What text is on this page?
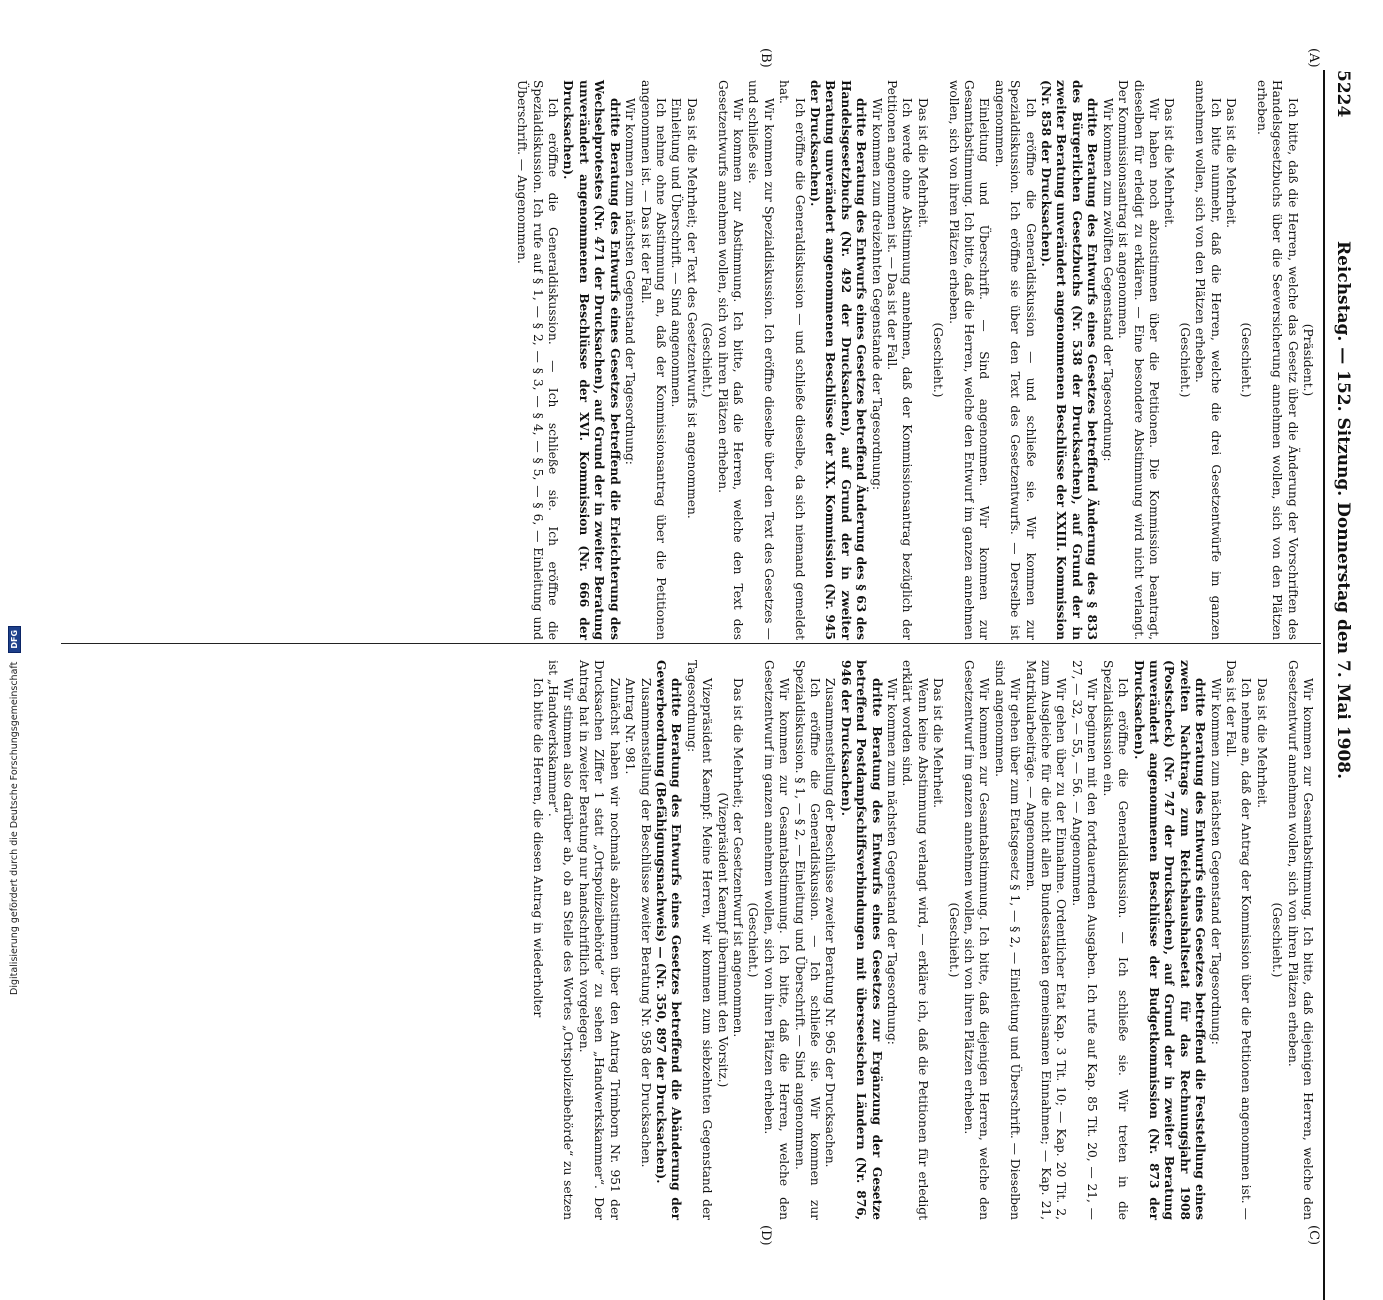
5224
Reichstag. — 152. Sitzung. Donnerstag den 7. Mai 1908.
(A)
(B)
(C)
(D)

(Präsident.)

Ich bitte, daß die Herren, welche das Gesetz über die Änderung der Vorschriften des Handelsgesetzbuchs über die Seeversicherung annehmen wollen, sich von den Plätzen erheben.

(Geschieht.)

Das ist die Mehrheit.

Ich bitte nunmehr, daß die Herren, welche die drei Gesetzentwürfe im ganzen annehmen wollen, sich von den Plätzen erheben.

(Geschieht.)

Das ist die Mehrheit.

Wir haben noch abzustimmen über die Petitionen. Die Kommission beantragt, dieselben für erledigt zu erklären. — Eine besondere Abstimmung wird nicht verlangt. Der Kommissionsantrag ist angenommen.

Wir kommen zum zwölften Gegenstand der Tagesordnung:

dritte Beratung des Entwurfs eines Gesetzes betreffend Änderung des § 833 des Bürgerlichen Gesetzbuchs (Nr. 538 der Drucksachen), auf Grund der in zweiter Beratung unverändert angenommenen Beschlüsse der XXIII. Kommission (Nr. 858 der Drucksachen).

Ich eröffne die Generaldiskussion — und schließe sie. Wir kommen zur Spezialdiskussion. Ich eröffne sie über den Text des Gesetzentwurfs. — Derselbe ist angenommen.

Einleitung und Überschrift. — Sind angenommen. Wir kommen zur Gesamtabstimmung. Ich bitte, daß die Herren, welche den Entwurf im ganzen annehmen wollen, sich von ihren Plätzen erheben.

(Geschieht.)

Das ist die Mehrheit.

Ich werde ohne Abstimmung annehmen, daß der Kommissionsantrag bezüglich der Petitionen angenommen ist. — Das ist der Fall.

Wir kommen zum dreizehnten Gegenstande der Tagesordnung:

dritte Beratung des Entwurfs eines Gesetzes betreffend Änderung des § 63 des Handelsgesetzbuchs (Nr. 492 der Drucksachen), auf Grund der in zweiter Beratung unverändert angenommenen Beschlüsse der XIX. Kommission (Nr. 945 der Drucksachen).

Ich eröffne die Generaldiskussion — und schließe dieselbe, da sich niemand gemeldet hat.

Wir kommen zur Spezialdiskussion. Ich eröffne dieselbe über den Text des Gesetzes — und schließe sie.

Wir kommen zur Abstimmung. Ich bitte, daß die Herren, welche den Text des Gesetzentwurfs annehmen wollen, sich von ihren Plätzen erheben.

(Geschieht.)

Das ist die Mehrheit; der Text des Gesetzentwurfs ist angenommen.

Einleitung und Überschrift. — Sind angenommen.

Ich nehme ohne Abstimmung an, daß der Kommissionsantrag über die Petitionen angenommen ist. — Das ist der Fall.

Wir kommen zum nächsten Gegenstand der Tagesordnung:

dritte Beratung des Entwurfs eines Gesetzes betreffend die Erleichterung des Wechselprotestes (Nr. 471 der Drucksachen), auf Grund der in zweiter Beratung unverändert angenommenen Beschlüsse der XVI. Kommission (Nr. 666 der Drucksachen).

Ich eröffne die Generaldiskussion. — Ich schließe sie. Ich eröffne die Spezialdiskussion. Ich rufe auf § 1, — § 2, — § 3, — § 4, — § 5, — § 6, — Einleitung und Überschrift. — Angenommen.

Wir kommen zur Gesamtabstimmung. Ich bitte, daß diejenigen Herren, welche den Gesetzentwurf annehmen wollen, sich von ihren Plätzen erheben.

(Geschieht.)

Das ist die Mehrheit.

Ich nehme an, daß der Antrag der Kommission über die Petitionen angenommen ist. — Das ist der Fall.

Wir kommen zum nächsten Gegenstand der Tagesordnung:

dritte Beratung des Entwurfs eines Gesetzes betreffend die Feststellung eines zweiten Nachtrags zum Reichshaushaltsetat für das Rechnungsjahr 1908 (Postscheck) (Nr. 747 der Drucksachen), auf Grund der in zweiter Beratung unverändert angenommenen Beschlüsse der Budgetkommission (Nr. 873 der Drucksachen).

Ich eröffne die Generaldiskussion. — Ich schließe sie. Wir treten in die Spezialdiskussion ein.

Wir beginnen mit den fortdauernden Ausgaben. Ich rufe auf Kap. 85 Tit. 20, — 21, — 27, — 32, — 55, — 56. — Angenommen.

Wir gehen über zu der Einnahme. Ordentlicher Etat Kap. 3 Tit. 10; — Kap. 20 Tit. 2, zum Ausgleiche für die nicht allen Bundesstaaten gemeinsamen Einnahmen; — Kap. 21, Matrikularbeiträge. — Angenommen.

Wir gehen über zum Etatsgesetz § 1, — § 2, — Einleitung und Überschrift. — Dieselben sind angenommen.

Wir kommen zur Gesamtabstimmung. Ich bitte, daß diejenigen Herren, welche den Gesetzentwurf im ganzen annehmen wollen, sich von ihren Plätzen erheben.

(Geschieht.)

Das ist die Mehrheit.

Wenn keine Abstimmung verlangt wird, — erkläre ich, daß die Petitionen für erledigt erklärt worden sind.

Wir kommen zum nächsten Gegenstand der Tagesordnung:

dritte Beratung des Entwurfs eines Gesetzes zur Ergänzung der Gesetze betreffend Postdampfschiffsverbindungen mit überseeischen Ländern (Nr. 876, 946 der Drucksachen).

Zusammenstellung der Beschlüsse zweiter Beratung Nr. 965 der Drucksachen.

Ich eröffne die Generaldiskussion. — Ich schließe sie. Wir kommen zur Spezialdiskussion. § 1, — § 2, — Einleitung und Überschrift. — Sind angenommen.

Wir kommen zur Gesamtabstimmung. Ich bitte, daß die Herren, welche den Gesetzentwurf im ganzen annehmen wollen, sich von ihren Plätzen erheben.

(Geschieht.)

Das ist die Mehrheit; der Gesetzentwurf ist angenommen.

(Vizepräsident Kaempf übernimmt den Vorsitz.)

Vizepräsident Kaempf: Meine Herren, wir kommen zum siebzehnten Gegenstand der Tagesordnung:

dritte Beratung des Entwurfs eines Gesetzes betreffend die Abänderung der Gewerbeordnung (Befähigungsnachweis) — (Nr. 350, 897 der Drucksachen).

Zusammenstellung der Beschlüsse zweiter Beratung Nr. 958 der Drucksachen.

Antrag Nr. 981.

Zunächst haben wir nochmals abzustimmen über den Antrag Trimborn Nr. 951 der Drucksachen Ziffer 1 statt „Ortspolizeibehörde“ zu sehen „Handwerkskammer“. Der Antrag hat in zweiter Beratung nur handschriftlich vorgelegen.

Wir stimmen also darüber ab, ob an Stelle des Wortes „Ortspolizeibehörde“ zu setzen ist „Handwerkskammer“.

Ich bitte die Herren, die diesen Antrag in wiederholter

Digitalisierung gefördert durch die Deutsche Forschungsgemeinschaft DFG
